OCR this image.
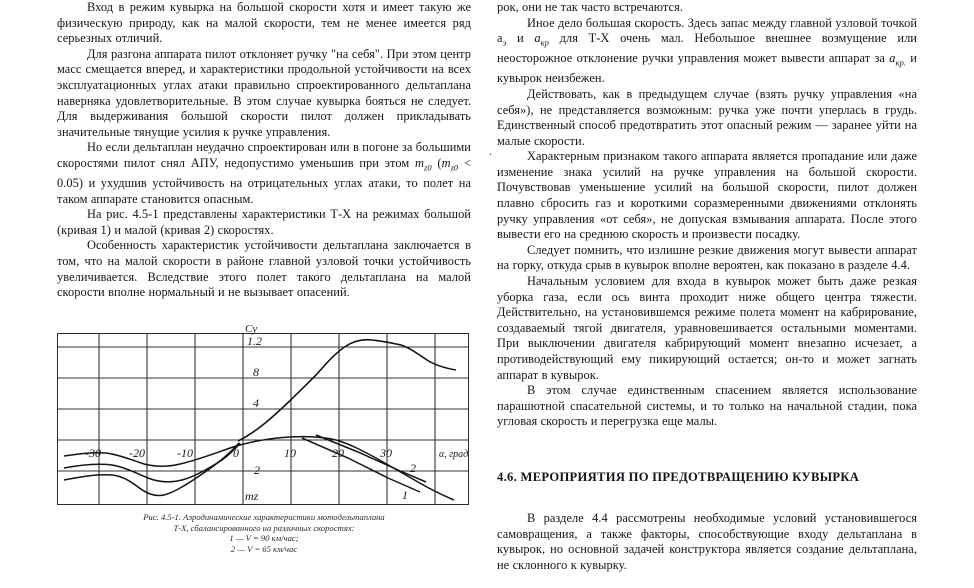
Вход в режим кувырка на большой скорости хотя и имеет такую же физическую природу, как на малой скорости, тем не менее имеется ряд серьезных отличий.

Для разгона аппарата пилот отклоняет ручку "на себя". При этом центр масс смещается вперед, и характеристики продольной устойчивости на всех эксплуатационных углах атаки правильно спроектированного дельтаплана наверняка удовлетворительные. В этом случае кувырка бояться не следует. Для выдерживания большой скорости пилот должен прикладывать значительные тянущие усилия к ручке управления.

Но если дельтаплан неудачно спроектирован или в погоне за большими скоростями пилот снял АПУ, недопустимо уменьшив при этом $m_{z0}$ $(m_{z0} < 0.05)$ и ухудшив устойчивость на отрицательных углах атаки, то полет на таком аппарате становится опасным.

На рис. 4.5-1 представлены характеристики Т-Х на режимах большой (кривая 1) и малой (кривая 2) скоростях.

Особенность характеристик устойчивости дельтаплана заключается в том, что на малой скорости в районе главной узловой точки устойчивость увеличивается. Вследствие этого полет такого дельтаплана на малой скорости вполне нормальный и не вызывает опасений.

1.2
8
4
Су
-30 -20	-10	0	10	20	30	α, град
- 2
mz
2
1
Рис. 4.5-1. Аэродинамические характеристики мотодельтаплана
Т-Х, сбалансированного на различных скоростях:
1 — V = 90 км/час;
2 — V = 65 км/час

рок, они не так часто встречаются.

Иное дело большая скорость. Здесь запас между главной узловой точкой $a_э$ и $a_{кр}$ для Т-Х очень мал. Небольшое внешнее возмущение или неосторожное отклонение ручки управления может вывести аппарат за $a_{кр.}$ и кувырок неизбежен.

Действовать, как в предыдущем случае (взять ручку управления «на себя»), не представляется возможным: ручка уже почти уперлась в грудь. Единственный способ предотвратить этот опасный режим — заранее уйти на малые скорости.

Характерным признаком такого аппарата является пропадание или даже изменение знака усилий на ручке управления на большой скорости. Почувствовав уменьшение усилий на большой скорости, пилот должен плавно сбросить газ и короткими соразмеренными движениями отклонять ручку управления «от себя», не допуская взмывания аппарата. После этого вывести его на среднюю скорость и произвести посадку.

Следует помнить, что излишне резкие движения могут вывести аппарат на горку, откуда срыв в кувырок вполне вероятен, как показано в разделе 4.4.

Начальным условием для входа в кувырок может быть даже резкая уборка газа, если ось винта проходит ниже общего центра тяжести. Действительно, на установившемся режиме полета момент на кабрирование, создаваемый тягой двигателя, уравновешивается остальными моментами. При выключении двигателя кабрирующий момент внезапно исчезает, а противодействующий ему пикирующий остается; он-то и может загнать аппарат в кувырок.

В этом случае единственным спасением является использование парашютной спасательной системы, и то только на начальной стадии, пока угловая скорость и перегрузка еще малы.

4.6. МЕРОПРИЯТИЯ ПО ПРЕДОТВРАЩЕНИЮ КУВЫРКА

В разделе 4.4 рассмотрены необходимые условий установившегося самовращения, а также факторы, способствующие входу дельтаплана в кувырок, но основной задачей конструктора является создание дельтаплана, не склонного к кувырку.

.
